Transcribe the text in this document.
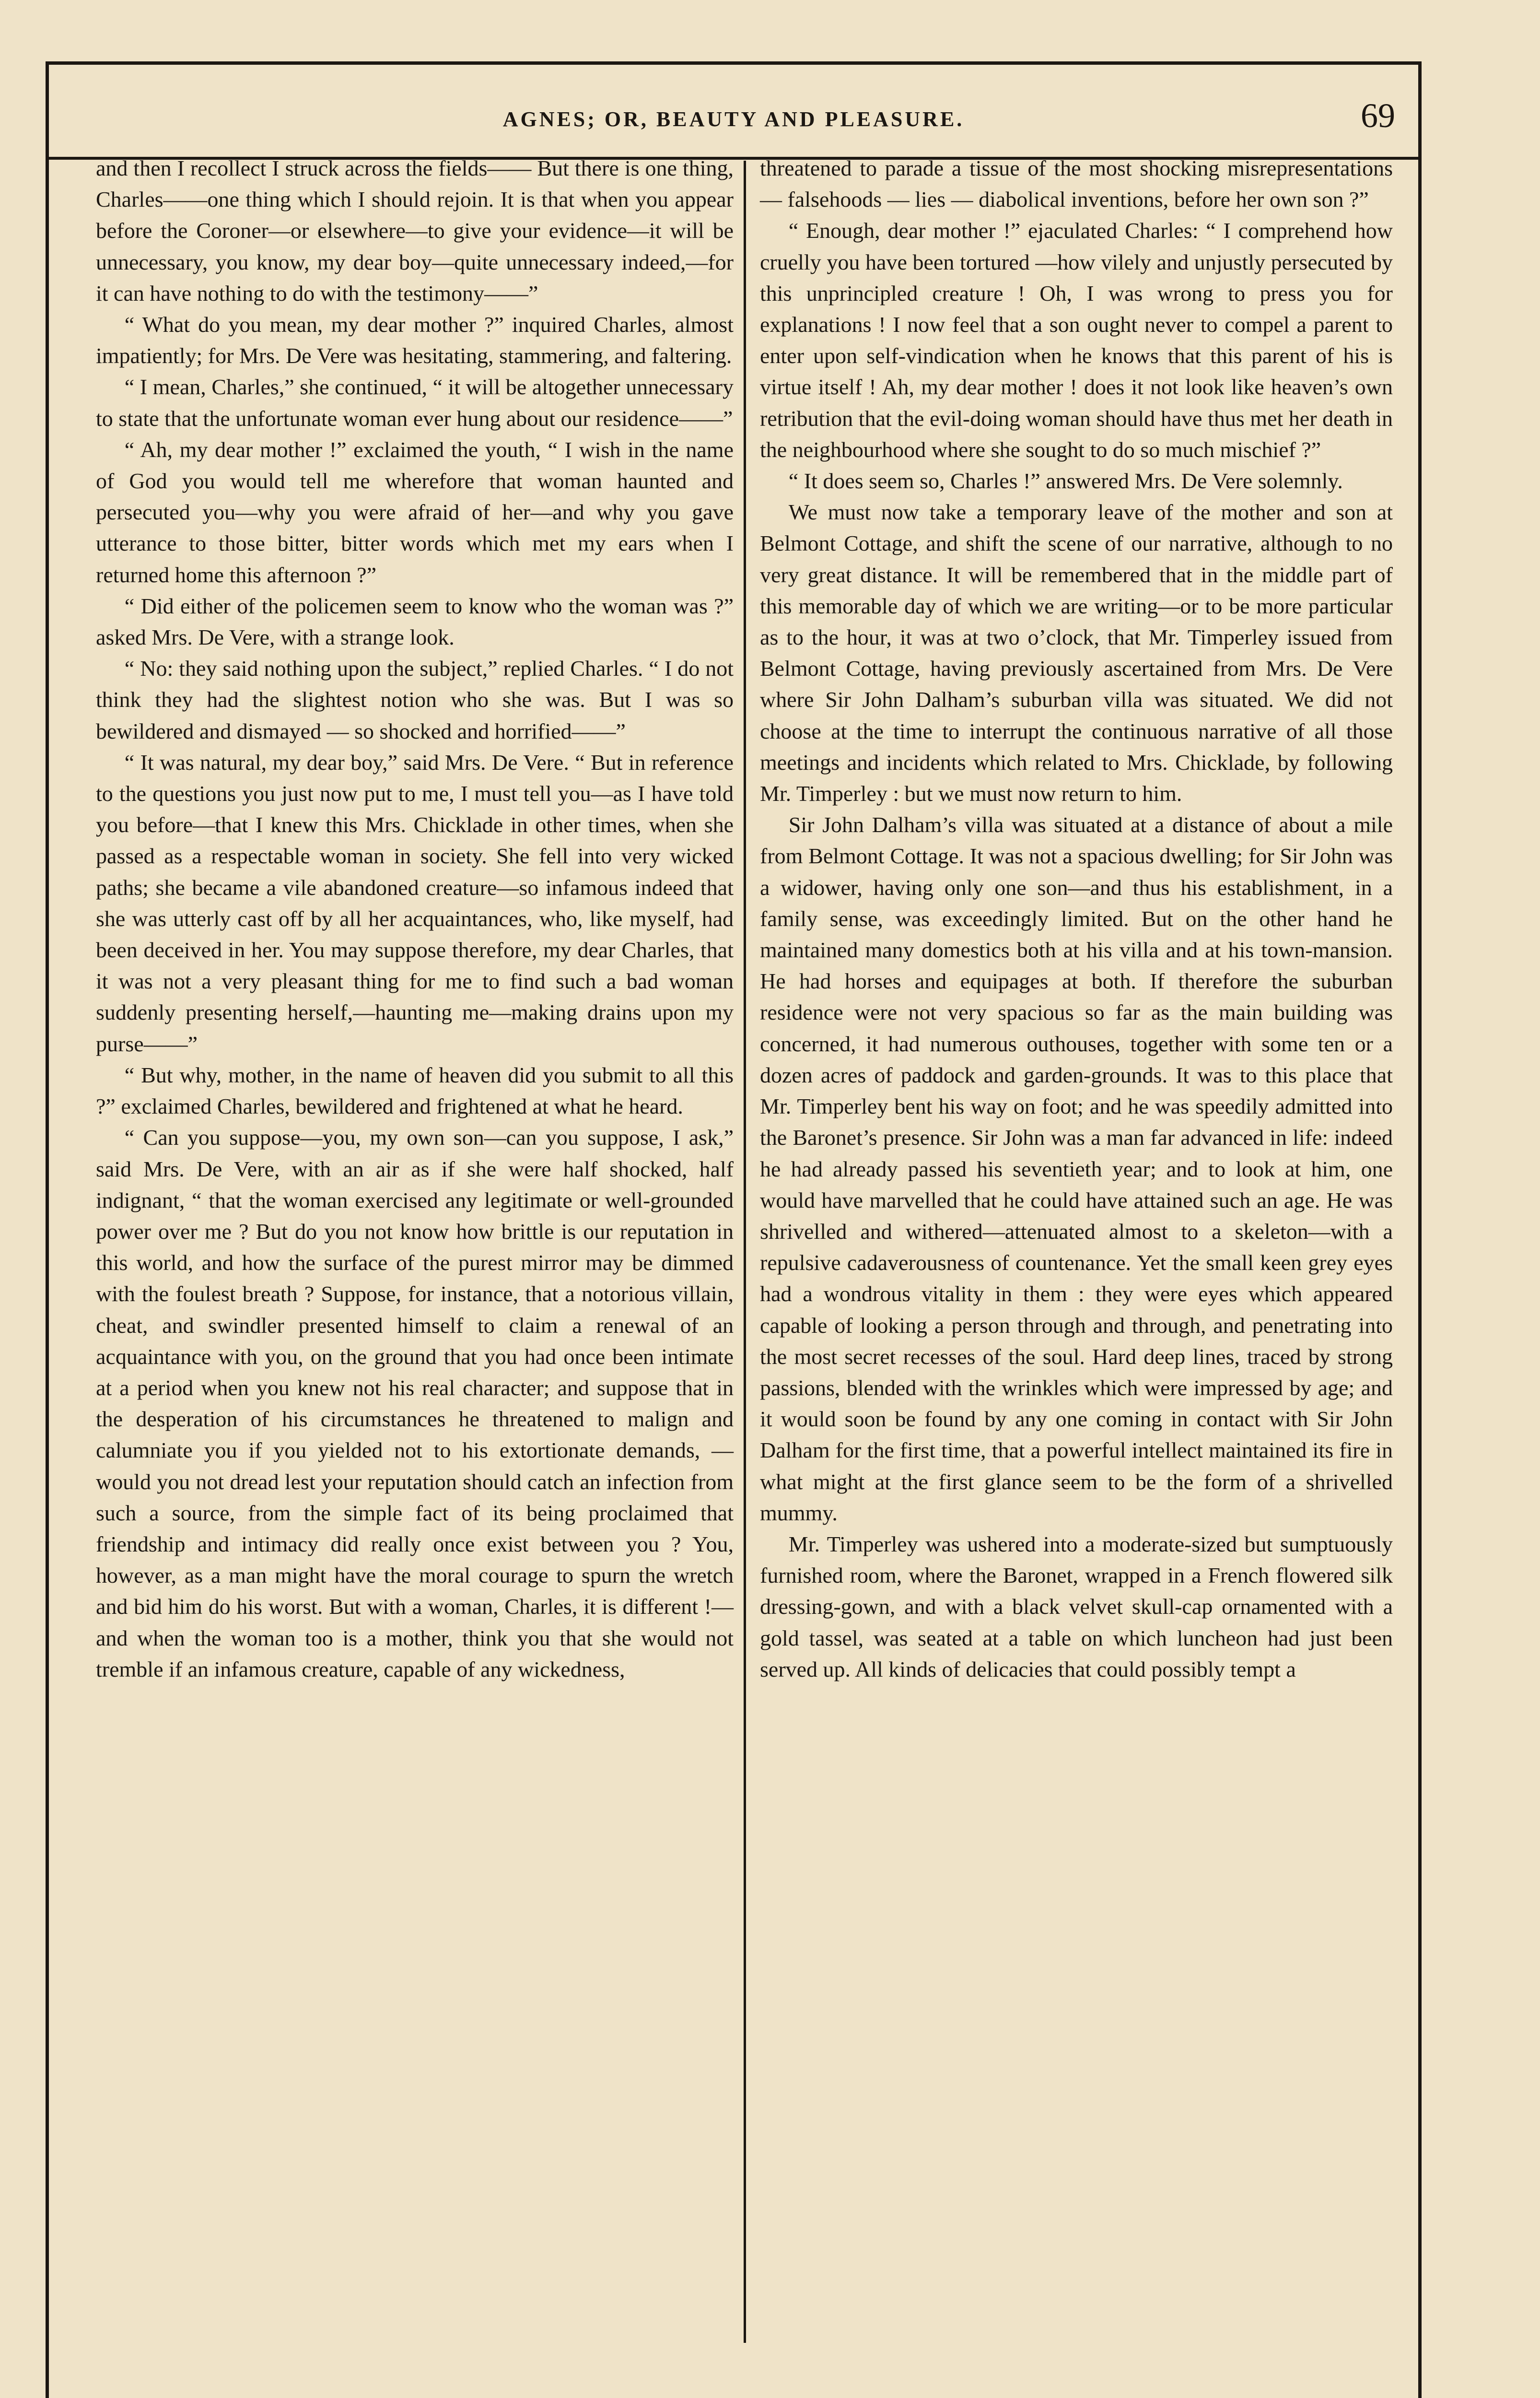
AGNES; OR, BEAUTY AND PLEASURE.	69

and then I recollect I struck across the fields—— But there is one thing, Charles——one thing which I should rejoin. It is that when you appear before the Coroner—or elsewhere—to give your evidence—it will be unnecessary, you know, my dear boy—quite unnecessary indeed,—for it can have nothing to do with the testimony——”

“ What do you mean, my dear mother ?” inquired Charles, almost impatiently; for Mrs. De Vere was hesitating, stammering, and faltering.

“ I mean, Charles,” she continued, “ it will be altogether unnecessary to state that the unfortunate woman ever hung about our residence——”

“ Ah, my dear mother !” exclaimed the youth, “ I wish in the name of God you would tell me wherefore that woman haunted and persecuted you—why you were afraid of her—and why you gave utterance to those bitter, bitter words which met my ears when I returned home this afternoon ?”

“ Did either of the policemen seem to know who the woman was ?” asked Mrs. De Vere, with a strange look.

“ No: they said nothing upon the subject,” replied Charles. “ I do not think they had the slightest notion who she was. But I was so bewildered and dismayed — so shocked and horrified——”

“ It was natural, my dear boy,” said Mrs. De Vere. “ But in reference to the questions you just now put to me, I must tell you—as I have told you before—that I knew this Mrs. Chicklade in other times, when she passed as a respectable woman in society. She fell into very wicked paths; she became a vile abandoned creature—so infamous indeed that she was utterly cast off by all her acquaintances, who, like myself, had been deceived in her. You may suppose therefore, my dear Charles, that it was not a very pleasant thing for me to find such a bad woman suddenly presenting herself,—haunting me—making drains upon my purse——”

“ But why, mother, in the name of heaven did you submit to all this ?” exclaimed Charles, bewildered and frightened at what he heard.

“ Can you suppose—you, my own son—can you suppose, I ask,” said Mrs. De Vere, with an air as if she were half shocked, half indignant, “ that the woman exercised any legitimate or well-grounded power over me ? But do you not know how brittle is our reputation in this world, and how the surface of the purest mirror may be dimmed with the foulest breath ? Suppose, for instance, that a notorious villain, cheat, and swindler presented himself to claim a renewal of an acquaintance with you, on the ground that you had once been intimate at a period when you knew not his real character; and suppose that in the desperation of his circumstances he threatened to malign and calumniate you if you yielded not to his extortionate demands, — would you not dread lest your reputation should catch an infection from such a source, from the simple fact of its being proclaimed that friendship and intimacy did really once exist between you ? You, however, as a man might have the moral courage to spurn the wretch and bid him do his worst. But with a woman, Charles, it is different !—and when the woman too is a mother, think you that she would not tremble if an infamous creature, capable of any wickedness,

threatened to parade a tissue of the most shocking misrepresentations — falsehoods — lies — diabolical inventions, before her own son ?”

“ Enough, dear mother !” ejaculated Charles: “ I comprehend how cruelly you have been tortured —how vilely and unjustly persecuted by this unprincipled creature ! Oh, I was wrong to press you for explanations ! I now feel that a son ought never to compel a parent to enter upon self-vindication when he knows that this parent of his is virtue itself ! Ah, my dear mother ! does it not look like heaven’s own retribution that the evil-doing woman should have thus met her death in the neighbourhood where she sought to do so much mischief ?”

“ It does seem so, Charles !” answered Mrs. De Vere solemnly.

We must now take a temporary leave of the mother and son at Belmont Cottage, and shift the scene of our narrative, although to no very great distance. It will be remembered that in the middle part of this memorable day of which we are writing—or to be more particular as to the hour, it was at two o’clock, that Mr. Timperley issued from Belmont Cottage, having previously ascertained from Mrs. De Vere where Sir John Dalham’s suburban villa was situated. We did not choose at the time to interrupt the continuous narrative of all those meetings and incidents which related to Mrs. Chicklade, by following Mr. Timperley : but we must now return to him.

Sir John Dalham’s villa was situated at a distance of about a mile from Belmont Cottage. It was not a spacious dwelling; for Sir John was a widower, having only one son—and thus his establishment, in a family sense, was exceedingly limited. But on the other hand he maintained many domestics both at his villa and at his town-mansion. He had horses and equipages at both. If therefore the suburban residence were not very spacious so far as the main building was concerned, it had numerous outhouses, together with some ten or a dozen acres of paddock and garden-grounds. It was to this place that Mr. Timperley bent his way on foot; and he was speedily admitted into the Baronet’s presence. Sir John was a man far advanced in life: indeed he had already passed his seventieth year; and to look at him, one would have marvelled that he could have attained such an age. He was shrivelled and withered—attenuated almost to a skeleton—with a repulsive cadaverousness of countenance. Yet the small keen grey eyes had a wondrous vitality in them : they were eyes which appeared capable of looking a person through and through, and penetrating into the most secret recesses of the soul. Hard deep lines, traced by strong passions, blended with the wrinkles which were impressed by age; and it would soon be found by any one coming in contact with Sir John Dalham for the first time, that a powerful intellect maintained its fire in what might at the first glance seem to be the form of a shrivelled mummy.

Mr. Timperley was ushered into a moderate-sized but sumptuously furnished room, where the Baronet, wrapped in a French flowered silk dressing-gown, and with a black velvet skull-cap ornamented with a gold tassel, was seated at a table on which luncheon had just been served up. All kinds of delicacies that could possibly tempt a
